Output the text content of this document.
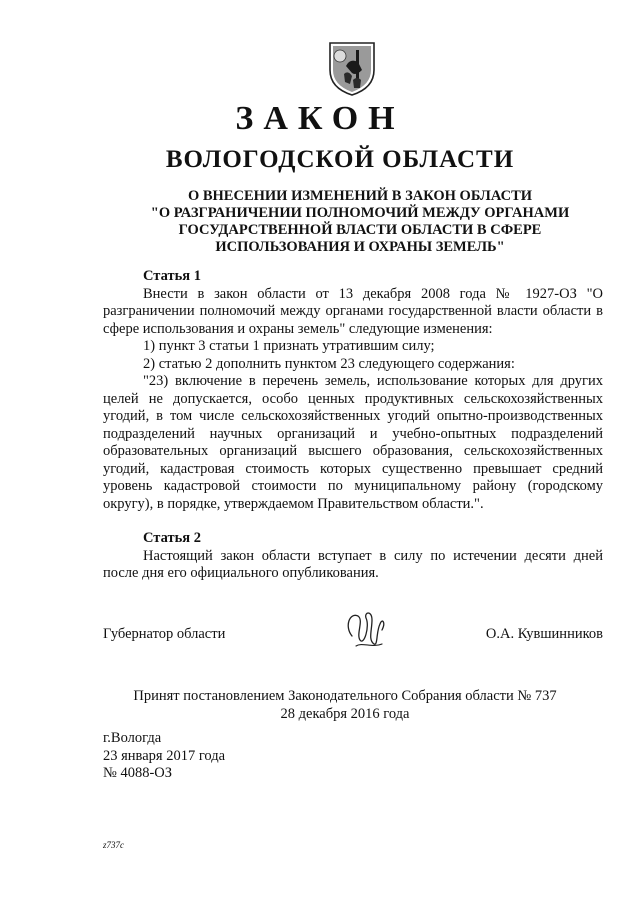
ЗАКОН
ВОЛОГОДСКОЙ ОБЛАСТИ
О ВНЕСЕНИИ ИЗМЕНЕНИЙ В ЗАКОН ОБЛАСТИ
"О РАЗГРАНИЧЕНИИ ПОЛНОМОЧИЙ МЕЖДУ ОРГАНАМИ
ГОСУДАРСТВЕННОЙ ВЛАСТИ ОБЛАСТИ В СФЕРЕ
ИСПОЛЬЗОВАНИЯ И ОХРАНЫ ЗЕМЕЛЬ"
Статья 1
Внести в закон области от 13 декабря 2008 года № 1927-ОЗ "О разграничении полномочий между органами государственной власти области в сфере использования и охраны земель" следующие изменения:
1) пункт 3 статьи 1 признать утратившим силу;
2) статью 2 дополнить пунктом 23 следующего содержания:
"23) включение в перечень земель, использование которых для других целей не допускается, особо ценных продуктивных сельскохозяйственных угодий, в том числе сельскохозяйственных угодий опытно-производственных подразделений научных организаций и учебно-опытных подразделений образовательных организаций высшего образования, сельскохозяйственных угодий, кадастровая стоимость которых существенно превышает средний уровень кадастровой стоимости по муниципальному району (городскому округу), в порядке, утверждаемом Правительством области.".
Статья 2
Настоящий закон области вступает в силу по истечении десяти дней после дня его официального опубликования.
Губернатор области	О.А. Кувшинников
Принят постановлением Законодательного Собрания области № 737
28 декабря 2016 года
г.Вологда
23 января 2017 года
№ 4088-ОЗ
z737c
